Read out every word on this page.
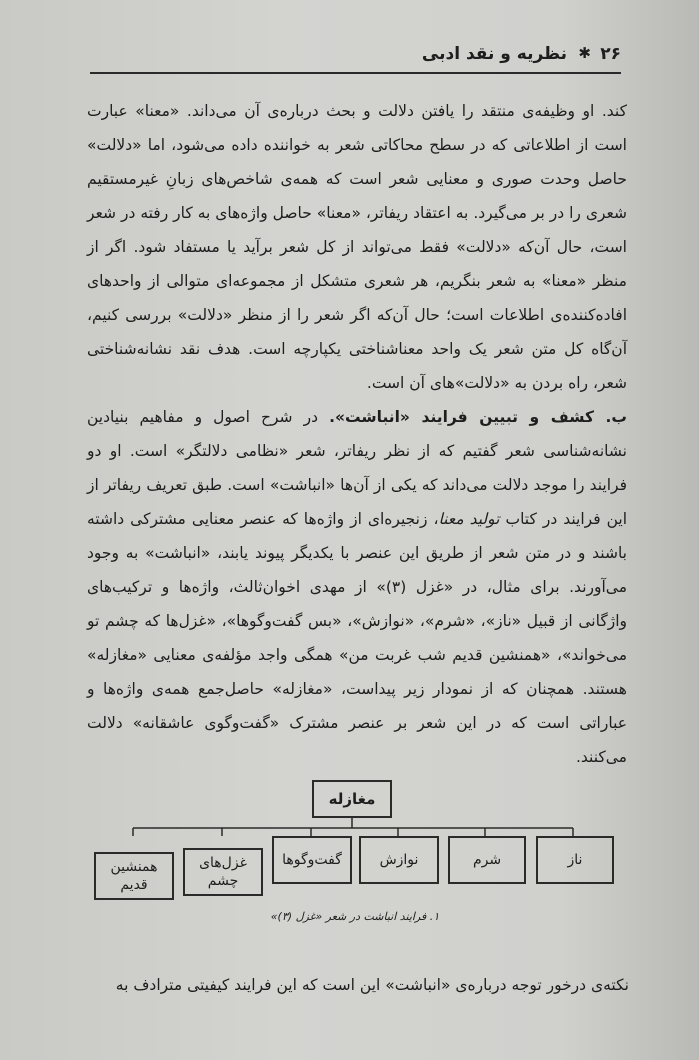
۲۶
✱
نظریه و نقد ادبی

کند. او وظیفه‌ی منتقد را یافتن دلالت و بحث درباره‌ی آن می‌داند. «معنا» عبارت است از اطلاعاتی که در سطح محاکاتی شعر به خواننده داده می‌شود، اما «دلالت» حاصل وحدت صوری و معنایی شعر است که همه‌ی شاخص‌های زبانِ غیرمستقیم شعری را در بر می‌گیرد. به اعتقاد ریفاتر، «معنا» حاصل واژه‌های به کار رفته در شعر است، حال آن‌که «دلالت» فقط می‌تواند از کل شعر برآید یا مستفاد شود. اگر از منظر «معنا» به شعر بنگریم، هر شعری متشکل از مجموعه‌ای متوالی از واحدهای افاده‌کننده‌ی اطلاعات است؛ حال آن‌که اگر شعر را از منظر «دلالت» بررسی کنیم، آن‌گاه کل متن شعر یک واحد معناشناختی یکپارچه است. هدف نقد نشانه‌شناختی شعر، راه بردن به «دلالت»های آن است.

ب. کشف و تبیین فرایند «انباشت». در شرح اصول و مفاهیم بنیادین نشانه‌شناسی شعر گفتیم که از نظر ریفاتر، شعر «نظامی دلالتگر» است. او دو فرایند را موجد دلالت می‌داند که یکی از آن‌ها «انباشت» است. طبق تعریف ریفاتر از این فرایند در کتاب تولید معنا، زنجیره‌ای از واژه‌ها که عنصر معنایی مشترکی داشته باشند و در متن شعر از طریق این عنصر با یکدیگر پیوند یابند، «انباشت» به وجود می‌آورند. برای مثال، در «غزل (۳)» از مهدی اخوان‌ثالث، واژه‌ها و ترکیب‌های واژگانی از قبیل «ناز»، «شرم»، «نوازش»، «بس گفت‌وگوها»، «غزل‌ها که چشم تو می‌خواند»، «همنشین قدیم شب غربت من» همگی واجد مؤلفه‌ی معنایی «مغازله» هستند. همچنان که از نمودار زیر پیداست، «مغازله» حاصل‌جمع همه‌ی واژه‌ها و عباراتی است که در این شعر بر عنصر مشترک «گفت‌وگوی عاشقانه» دلالت می‌کنند.

مغازله
ناز
شرم
نوازش
گفت‌وگوها
غزل‌های چشم
همنشین قدیم
۱. فرایند انباشت در شعر «غزل (۳)»
نکته‌ی درخور توجه درباره‌ی «انباشت» این است که این فرایند کیفیتی مترادف به
